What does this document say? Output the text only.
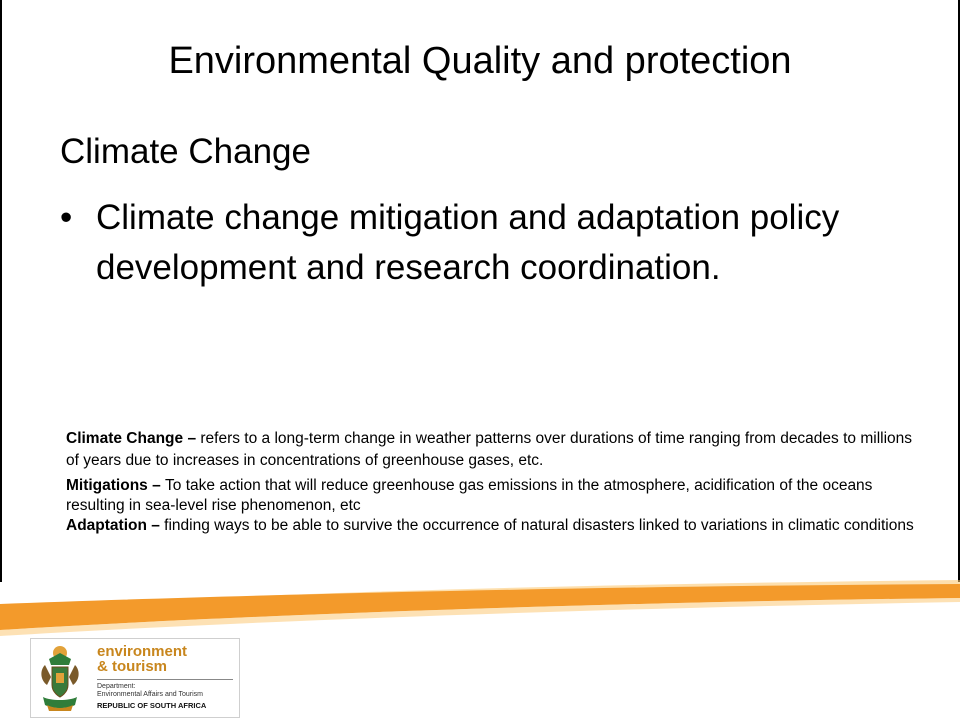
Environmental Quality and protection
Climate Change
• Climate change mitigation and adaptation policy development and research coordination.

Climate Change – refers to a long-term change in weather patterns over durations of time ranging from decades to millions of years due to increases in concentrations of greenhouse gases, etc.

Mitigations – To take action that will reduce greenhouse gas emissions in the atmosphere, acidification of the oceans resulting in sea-level rise phenomenon, etc

Adaptation – finding ways to be able to survive the occurrence of natural disasters linked to variations in climatic conditions

environment
& tourism
Department:
Environmental Affairs and Tourism
REPUBLIC OF SOUTH AFRICA
